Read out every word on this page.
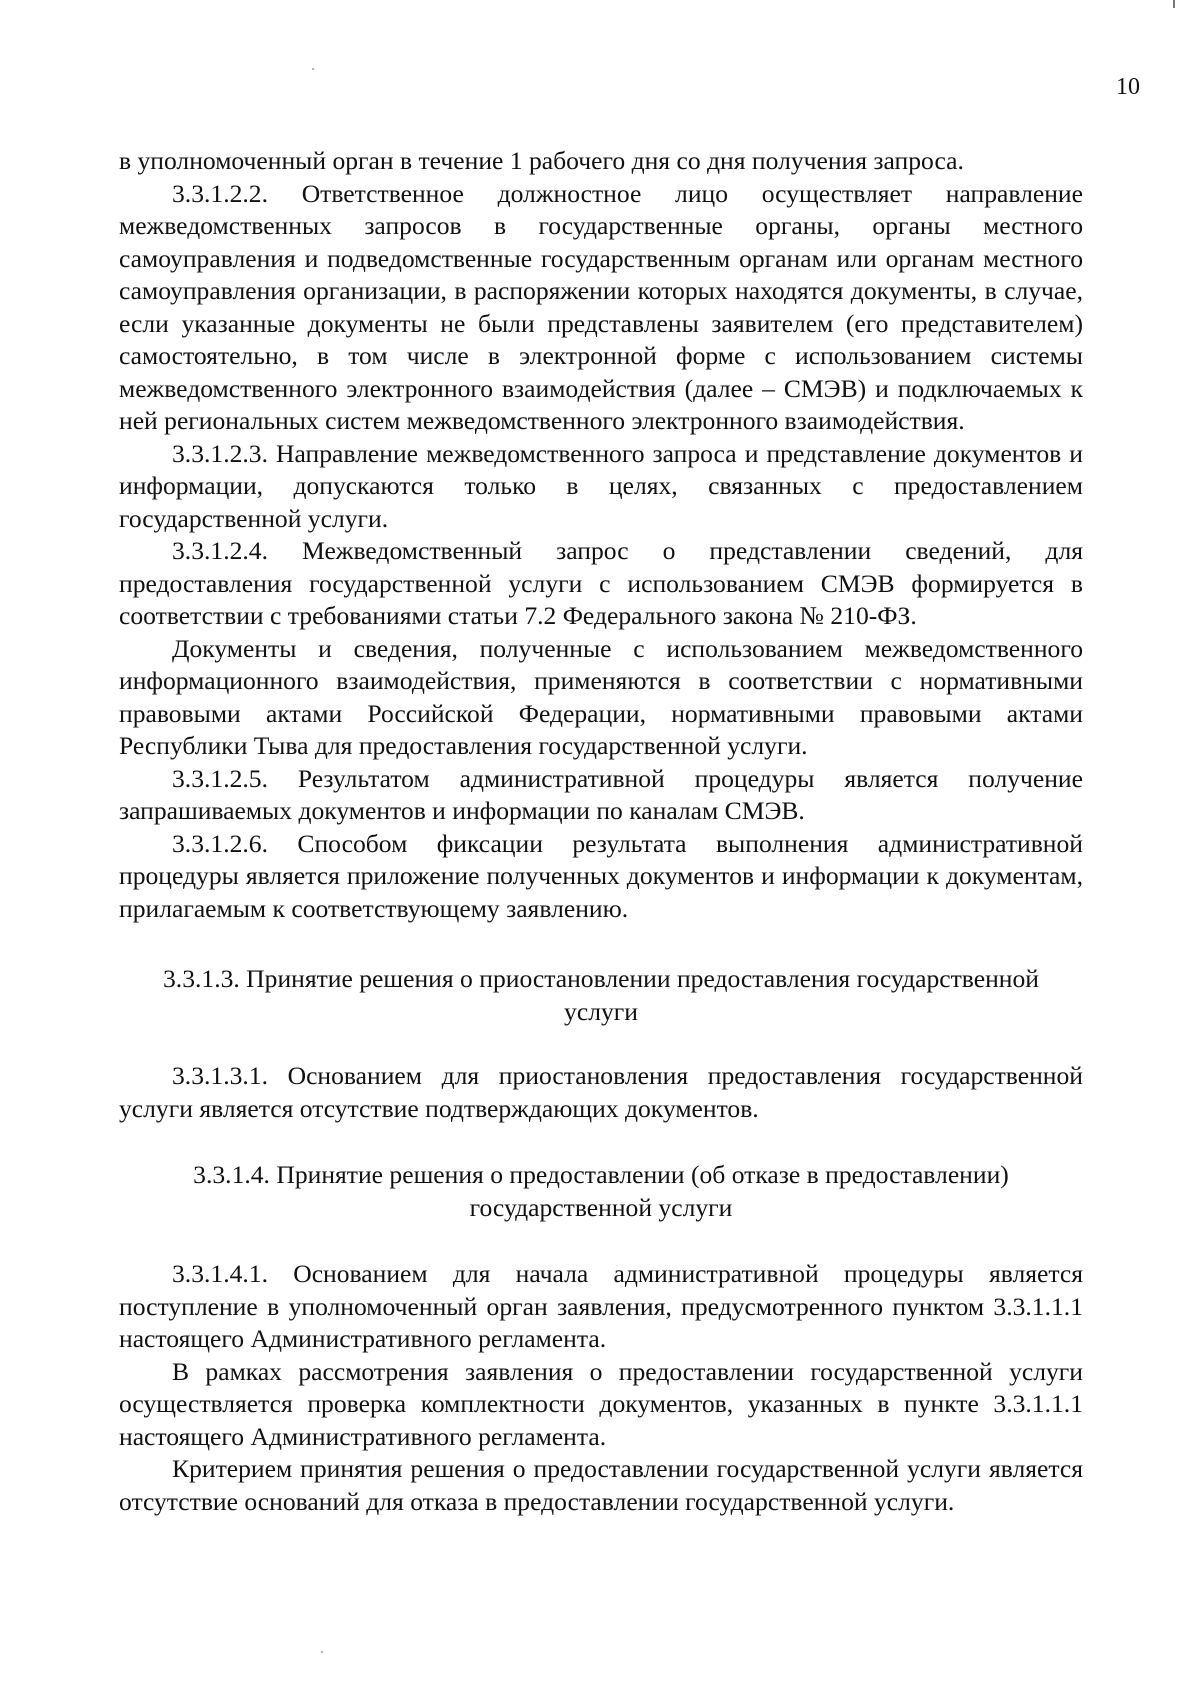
10

в уполномоченный орган в течение 1 рабочего дня со дня получения запроса.

3.3.1.2.2. Ответственное должностное лицо осуществляет направление межведомственных запросов в государственные органы, органы местного самоуправления и подведомственные государственным органам или органам местного самоуправления организации, в распоряжении которых находятся документы, в случае, если указанные документы не были представлены заявителем (его представителем) самостоятельно, в том числе в электронной форме с использованием системы межведомственного электронного взаимодействия (далее – СМЭВ) и подключаемых к ней региональных систем межведомственного электронного взаимодействия.

3.3.1.2.3. Направление межведомственного запроса и представление документов и информации, допускаются только в целях, связанных с предоставлением государственной услуги.

3.3.1.2.4. Межведомственный запрос о представлении сведений, для предоставления государственной услуги с использованием СМЭВ формируется в соответствии с требованиями статьи 7.2 Федерального закона № 210-ФЗ.

Документы и сведения, полученные с использованием межведомственного информационного взаимодействия, применяются в соответствии с нормативными правовыми актами Российской Федерации, нормативными правовыми актами Республики Тыва для предоставления государственной услуги.

3.3.1.2.5. Результатом административной процедуры является получение запрашиваемых документов и информации по каналам СМЭВ.

3.3.1.2.6. Способом фиксации результата выполнения административной процедуры является приложение полученных документов и информации к документам, прилагаемым к соответствующему заявлению.

3.3.1.3. Принятие решения о приостановлении предоставления государственной
услуги

3.3.1.3.1. Основанием для приостановления предоставления государственной услуги является отсутствие подтверждающих документов.

3.3.1.4. Принятие решения о предоставлении (об отказе в предоставлении)
государственной услуги

3.3.1.4.1. Основанием для начала административной процедуры является поступление в уполномоченный орган заявления, предусмотренного пунктом 3.3.1.1.1 настоящего Административного регламента.

В рамках рассмотрения заявления о предоставлении государственной услуги осуществляется проверка комплектности документов, указанных в пункте 3.3.1.1.1 настоящего Административного регламента.

Критерием принятия решения о предоставлении государственной услуги является отсутствие оснований для отказа в предоставлении государственной услуги.
